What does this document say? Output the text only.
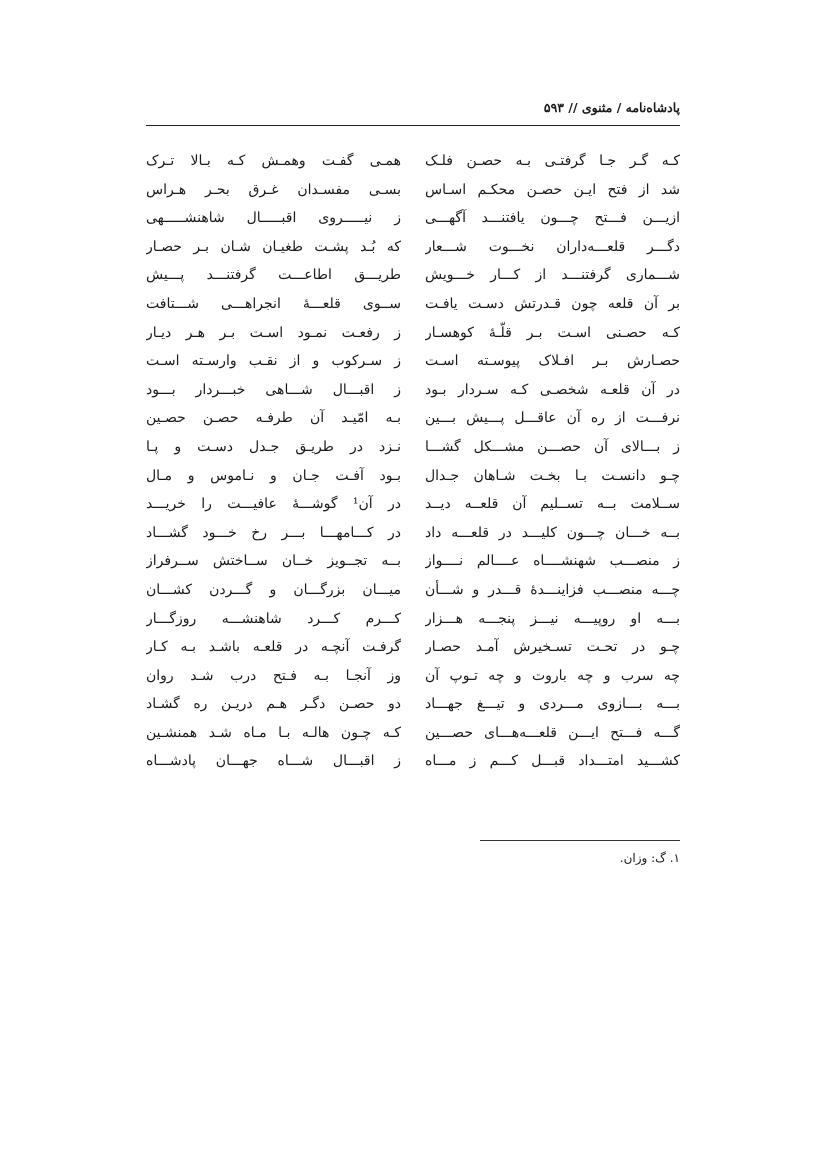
پادشاه‌نامه / مثنوی // ۵۹۳
کـه گـر جـا گرفتـی بـه حصـن فلـک
شد از فتح ایـن حصـن محکـم اسـاس
ازیـــن فـــتح چـــون یافتنـــد آگهـــی
دگـــر قلعـــه‌داران نخـــوت شـــعار
شـــماری گرفتنـــد از کـــار خـــویش
بر آن قلعه چون قـدرتش دسـت یافـت
کـه حصـنی اسـت بـر قلّـهٔ کوهسـار
حصـارش بـر افـلاک پیوسـته اسـت
در آن قلعـه شخصـی کـه سـردار بـود
نرفـــت از ره آن عاقـــل پـــیش بـــین
ز بـــالای آن حصـــن مشـــکل گشـــا
چـو دانسـت بـا بخـت شـاهان جـدال
ســلامت بــه تســلیم آن قلعــه دیــد
بــه خـــان چـــون کلیـــد در قلعـــه داد
ز منصـــب شهنشــــاه عــــالم نــــواز
چـــه منصـــب فزاینـــدهٔ قـــدر و شـــأن
بـــه او روپیـــه نیـــز پنجـــه هـــزار
چـو در تحـت تسـخیرش آمـد حصـار
چه سرب و چه باروت و چه تـوپ آن
بـــه بـــازوی مـــردی و تیـــغ جهـــاد
گـــه فـــتح ایـــن قلعـــه‌هـــای حصـــین
کشـــید امتـــداد قبـــل کـــم ز مـــاه
همـی گفـت وهمـش کـه بـالا تـرک
بسـی مفسـدان غـرق بحـر هـراس
ز نیـــــروی اقبـــــال شاهنشـــــهی
که بُـد پشـت طغیـان شـان بـر حصـار
طریـــق اطاعـــت گرفتنـــد پـــیش
ســوی قلعـــهٔ انجراهـــی شـــتافت
ز رفعـت نمـود اسـت بـر هـر دیـار
ز سـرکوب و از نقـب وارسـته اسـت
ز اقبـــال شـــاهی خبـــردار بـــود
بـه امّیـد آن طرفـه حصـن حصـین
نـزد در طریـق جـدل دسـت و پـا
بـود آفـت جـان و نـاموس و مـال
در آن¹ گوشـــهٔ عافیـــت را خریـــد
در کـــامهـــا بـــر رخ خـــود گشـــاد
بــه تجــویز خــان ســاختش ســرفراز
میـــان بزرگـــان و گـــردن کشـــان
کـــرم کـــرد شاهنشـــه روزگـــار
گرفـت آنچـه در قلعـه باشـد بـه کـار
وز آنجـا بـه فـتح درب شـد روان
دو حصـن دگـر هـم دریـن ره گشـاد
کـه چـون هالـه بـا مـاه شـد همنشـین
ز اقبـــال شـــاه جهـــان پادشـــاه
۱. گ: وزان.
